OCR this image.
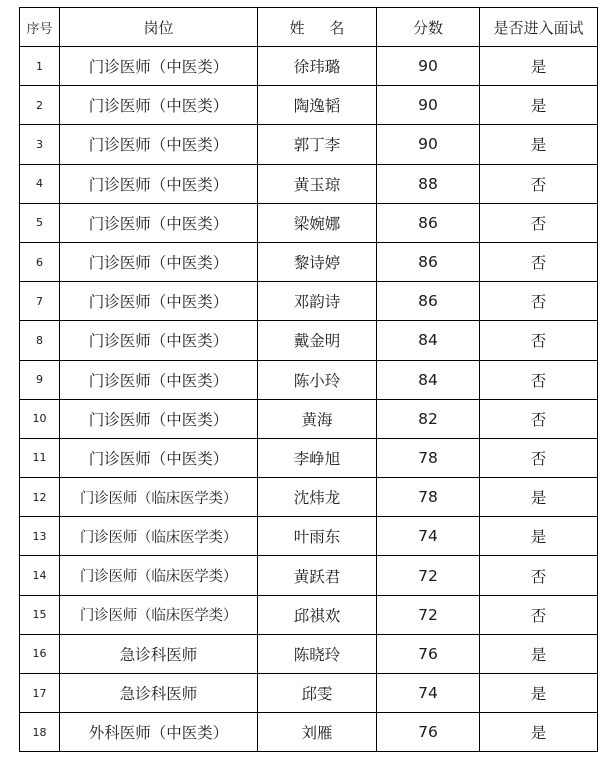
序号	岗位	姓 名	分数	是否进入面试
1	门诊医师（中医类）	徐玮璐	90	是
2	门诊医师（中医类）	陶逸韬	90	是
3	门诊医师（中医类）	郭丁李	90	是
4	门诊医师（中医类）	黄玉琼	88	否
5	门诊医师（中医类）	梁婉娜	86	否
6	门诊医师（中医类）	黎诗婷	86	否
7	门诊医师（中医类）	邓韵诗	86	否
8	门诊医师（中医类）	戴金明	84	否
9	门诊医师（中医类）	陈小玲	84	否
10	门诊医师（中医类）	黄海	82	否
11	门诊医师（中医类）	李峥旭	78	否
12	门诊医师（临床医学类）	沈炜龙	78	是
13	门诊医师（临床医学类）	叶雨东	74	是
14	门诊医师（临床医学类）	黄跃君	72	否
15	门诊医师（临床医学类）	邱祺欢	72	否
16	急诊科医师	陈晓玲	76	是
17	急诊科医师	邱雯	74	是
18	外科医师（中医类）	刘雁	76	是
